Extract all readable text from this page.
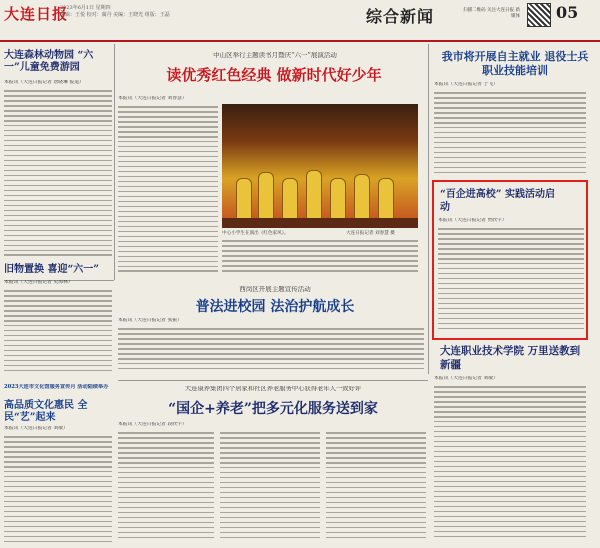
大连日报
2023年6月1日 星期四
编辑：王悦 校对：蔺丹 美编：王晓光 组版：王磊	综合新闻	扫描二维码 关注大连日报 新媒体 05
大连森林动物园 “六一”儿童免费游园
本报讯（大连日报记者 唐晓琳 报道）
旧物置换 喜迎“六一”
本报讯（大连日报记者 史海林）
2023大连市文化馆服务宣传月 活动陆续举办
高品质文化惠民 全民“艺”起来
本报讯（大连日报记者 刘敏）
中山区举行主题读书月暨庆“六一”展演活动
读优秀红色经典 做新时代好少年
本报讯（大连日报记者 刘春慧）
中心小学生在演出《红色家风》。	大连日报记者 刘春慧 摄
西岗区开展主题宣传活动
普法进校园 法治护航成长
本报讯（大连日报记者 张振）
我市将开展自主就业 退役士兵职业技能培训
本报讯（大连日报记者 于飞）
“百企进高校” 实践活动启动
本报讯（大连日报记者 贾欣宇）
大连职业技术学院 万里送教到新疆
本报讯（大连日报记者 刘敏）
大连康养集团四个居家和社区养老服务中心获得老年人一致好评
“国企+养老”把多元化服务送到家
本报讯（大连日报记者 段欣宇）
